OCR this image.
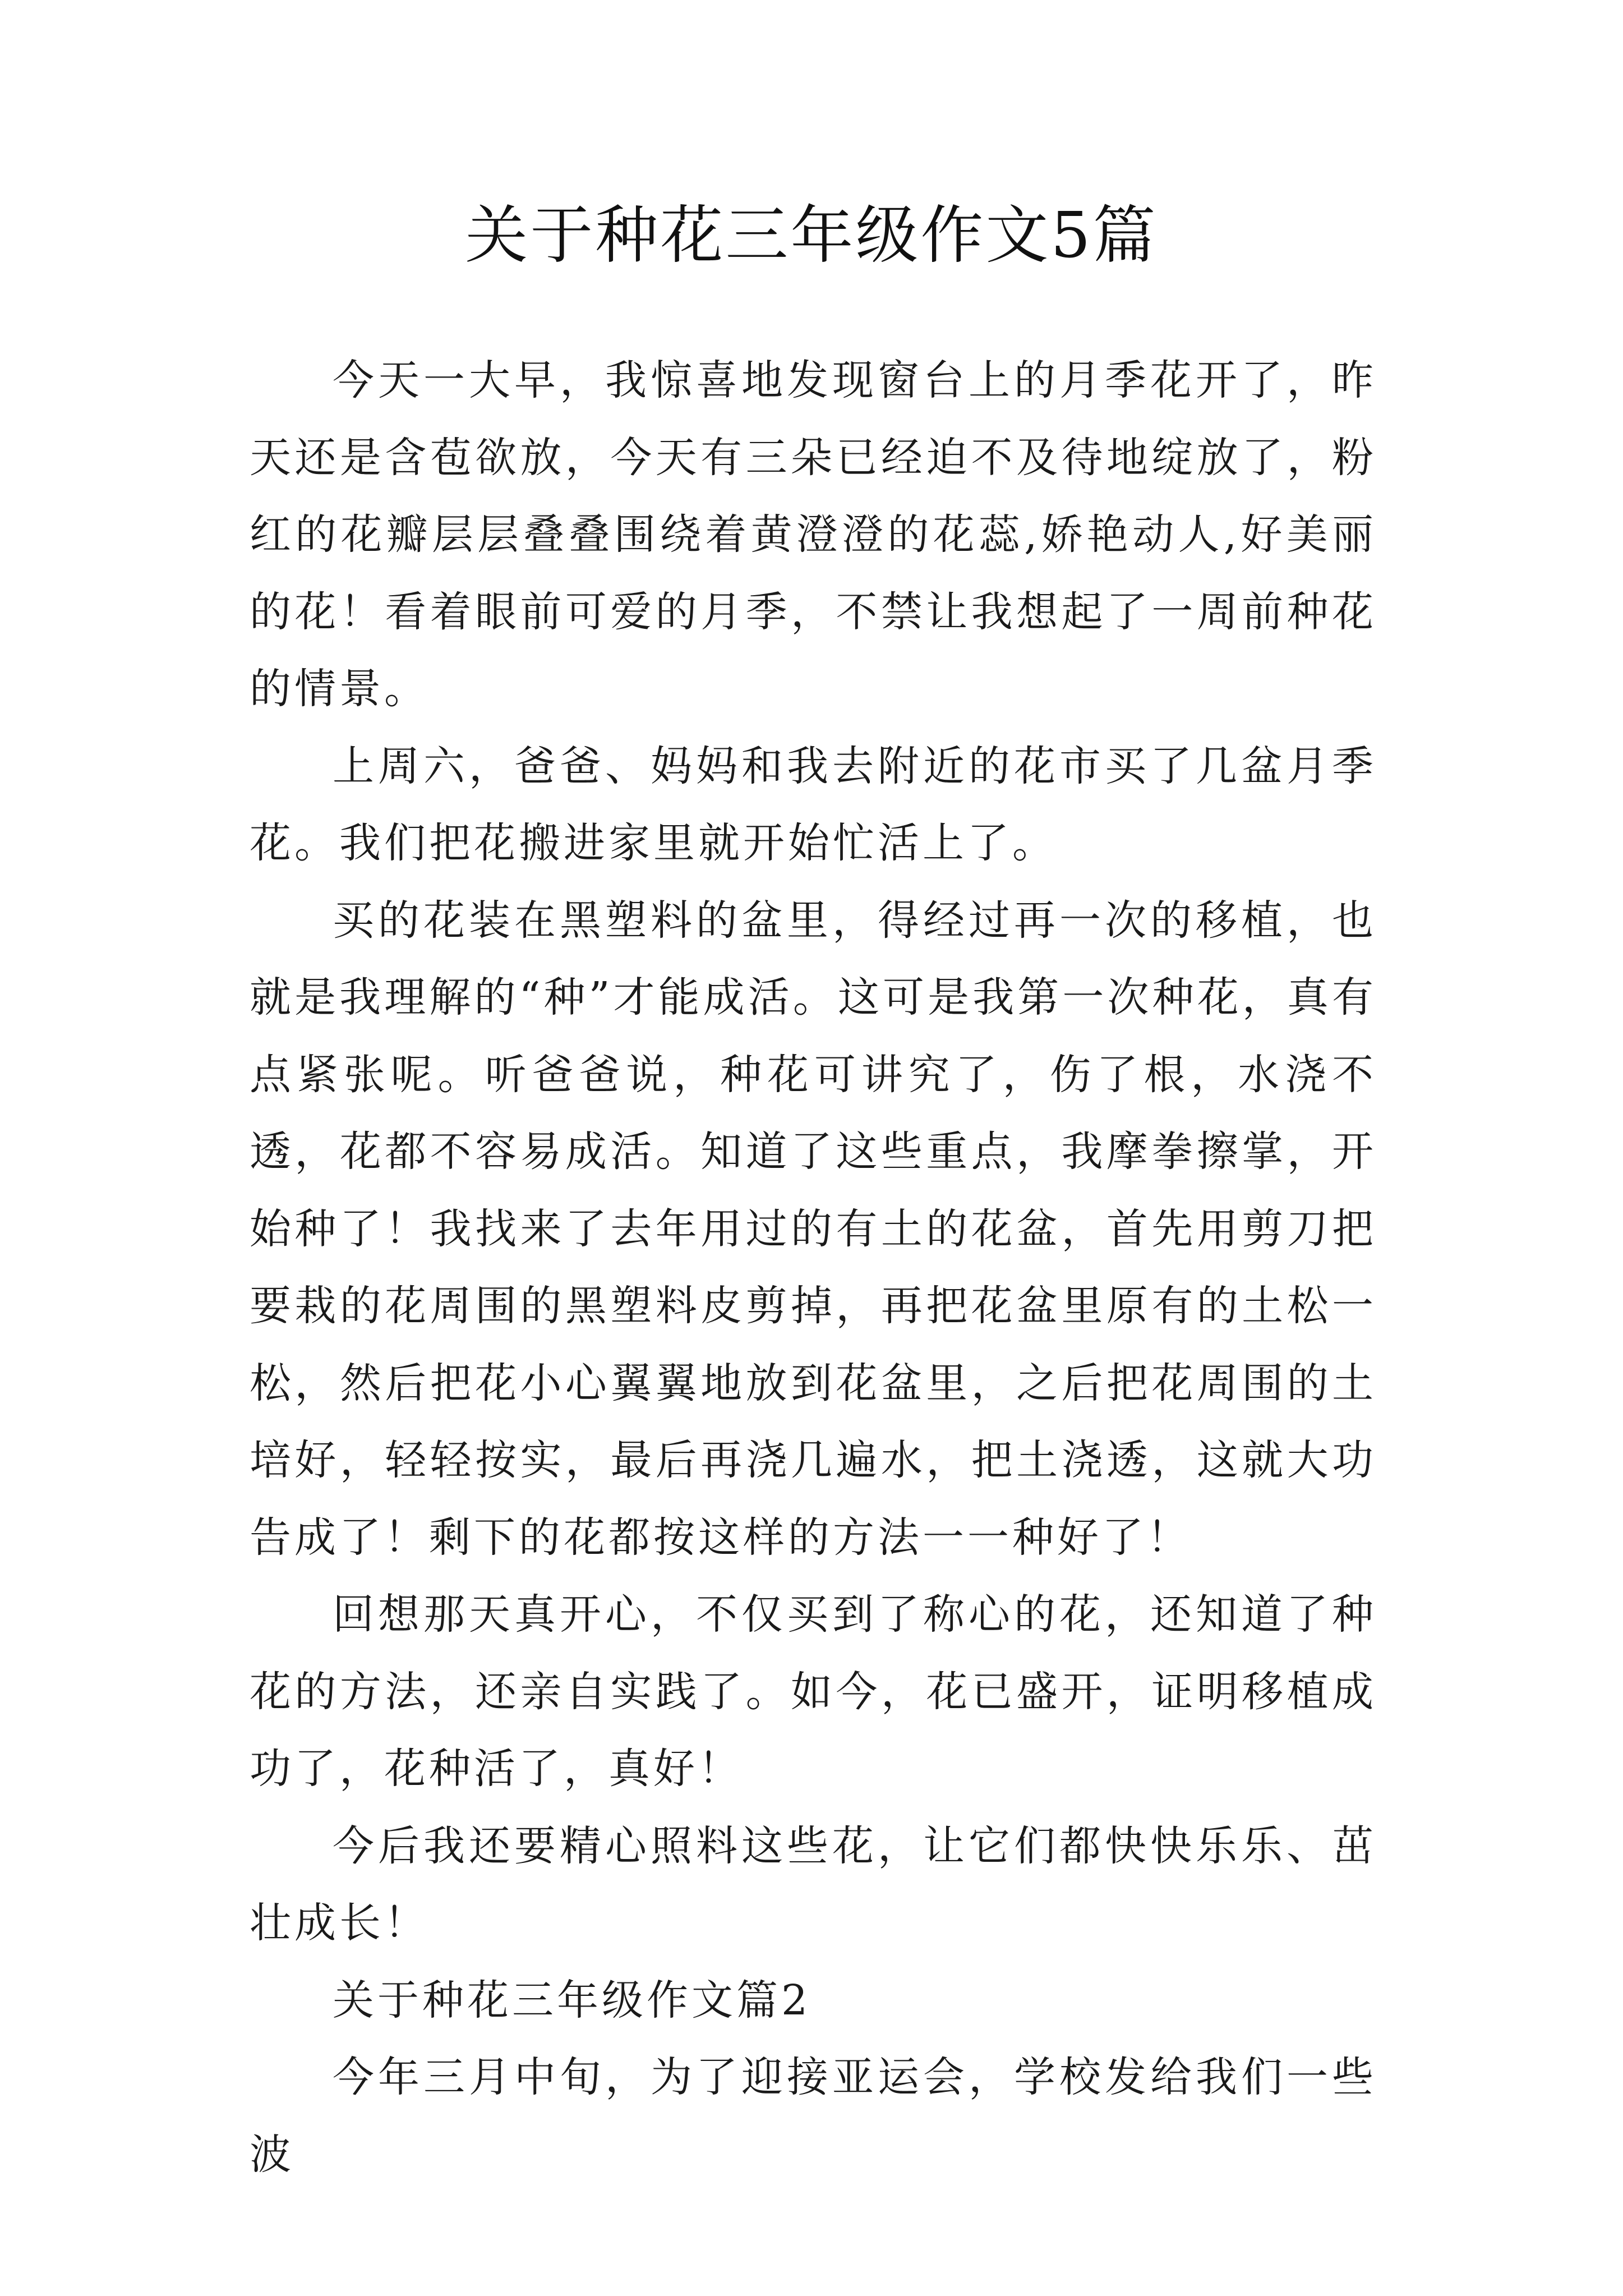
关于种花三年级作文5篇

今天一大早，我惊喜地发现窗台上的月季花开了，昨天还是含苞欲放，今天有三朵已经迫不及待地绽放了，粉红的花瓣层层叠叠围绕着黄澄澄的花蕊,娇艳动人,好美丽的花！看着眼前可爱的月季，不禁让我想起了一周前种花的情景。

上周六，爸爸、妈妈和我去附近的花市买了几盆月季花。我们把花搬进家里就开始忙活上了。

买的花装在黑塑料的盆里，得经过再一次的移植，也就是我理解的“种”才能成活。这可是我第一次种花，真有点紧张呢。听爸爸说，种花可讲究了，伤了根，水浇不透，花都不容易成活。知道了这些重点，我摩拳擦掌，开始种了！我找来了去年用过的有土的花盆，首先用剪刀把要栽的花周围的黑塑料皮剪掉，再把花盆里原有的土松一松，然后把花小心翼翼地放到花盆里，之后把花周围的土培好，轻轻按实，最后再浇几遍水，把土浇透，这就大功告成了！剩下的花都按这样的方法一一种好了！

回想那天真开心，不仅买到了称心的花，还知道了种花的方法，还亲自实践了。如今，花已盛开，证明移植成功了，花种活了，真好！

今后我还要精心照料这些花，让它们都快快乐乐、茁壮成长！

关于种花三年级作文篇2

今年三月中旬，为了迎接亚运会，学校发给我们一些波
